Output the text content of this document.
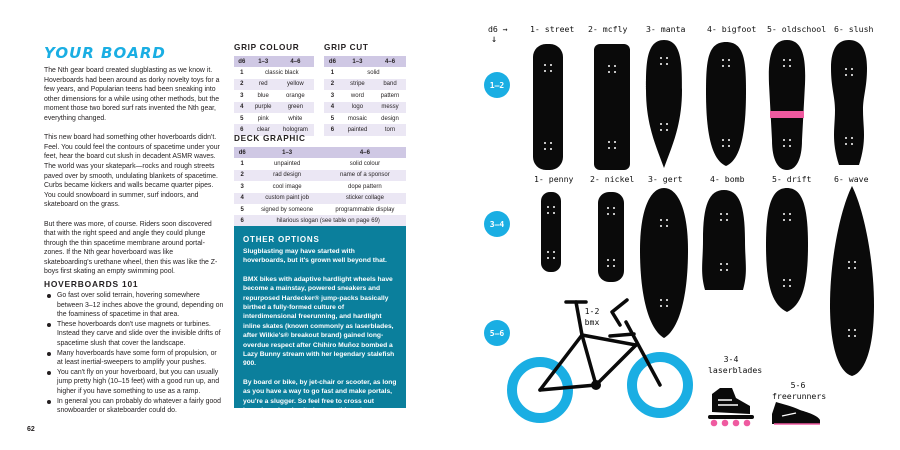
YOUR BOARD

The Nth gear board created slugblasting as we know it. Hoverboards had been around as dorky novelty toys for a few years, and Popularian teens had been sneaking into other dimensions for a while using other methods, but the moment those two bored surf rats invented the Nth gear, everything changed.

This new board had something other hoverboards didn't. Feel. You could feel the contours of spacetime under your feet, hear the board cut slush in decadent ASMR waves. The world was your skatepark—rocks and rough streets paved over by smooth, undulating blankets of spacetime. Curbs became kickers and walls became quarter pipes. You could snowboard in summer, surf indoors, and skateboard on the grass.

But there was more, of course. Riders soon discovered that with the right speed and angle they could plunge through the thin spacetime membrane around portal-zones. If the Nth gear hoverboard was like skateboarding's urethane wheel, then this was like the Z-boys first skating an empty swimming pool.

HOVERBOARDS 101
Go fast over solid terrain, hovering somewhere between 3–12 inches above the ground, depending on the foaminess of spacetime in that area.
These hoverboards don't use magnets or turbines. Instead they carve and slide over the invisible drifts of spacetime slush that cover the landscape.
Many hoverboards have some form of propulsion, or at least inertial-sweepers to amplify your pushes.
You can't fly on your hoverboard, but you can usually jump pretty high (10–15 feet) with a good run up, and higher if you have something to use as a ramp.
In general you can probably do whatever a fairly good snowboarder or skateboarder could do.
62
GRIP COLOUR
d6	1–3	4–6
1	classic black	
2	red	yellow
3	blue	orange
4	purple	green
5	pink	white
6	clear	hologram
GRIP CUT
d6	1–3	4–6
1	solid	
2	stripe	band
3	word	pattern
4	logo	messy
5	mosaic	design
6	painted	torn
DECK GRAPHIC
d6	1–3	4–6
1	unpainted	solid colour
2	rad design	name of a sponsor
3	cool image	dope pattern
4	custom paint job	sticker collage
5	signed by someone	programmable display
6	hilarious slogan (see table on page 69)	
OTHER OPTIONS

Slugblasting may have started with hoverboards, but it's grown well beyond that.

BMX bikes with adaptive hardlight wheels have become a mainstay, powered sneakers and repurposed Hardecker® jump-packs basically birthed a fully-formed culture of interdimensional freerunning, and hardlight inline skates (known commonly as laserblades, after Wilkie's® breakout brand) gained long-overdue respect after Chihiro Muñoz bombed a Lazy Bunny stream with her legendary stalefish 900.

By board or bike, by jet-chair or scooter, as long as you have a way to go fast and make portals, you're a slugger. So feel free to cross out hoverboard and write in something else.

d6 →
↓
1–2
3–4
5–6
1- street 2- mcfly 3- manta	4- bigfoot 5- oldschool 6- slush
1- penny 2- nickel 3- gert	4- bomb	5- drift	6- wave
1-2 bmx
3-4 laserblades
5-6 freerunners
